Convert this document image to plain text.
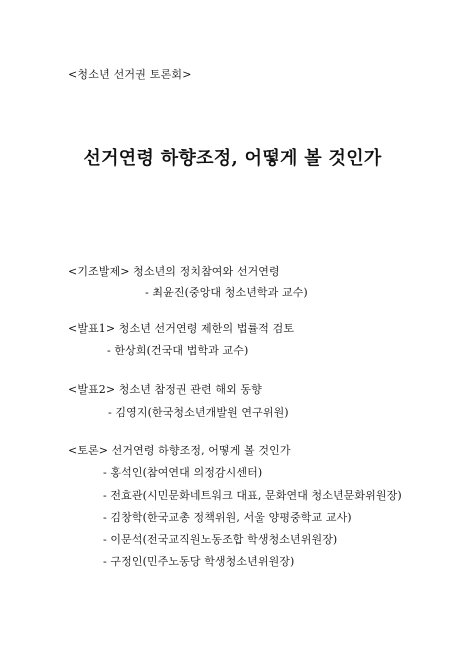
<청소년 선거권 토론회>
선거연령 하향조정, 어떻게 볼 것인가
<기조발제> 청소년의 정치참여와 선거연령
- 최윤진(중앙대 청소년학과 교수)
<발표1> 청소년 선거연령 제한의 법률적 검토
- 한상희(건국대 법학과 교수)
<발표2> 청소년 참정권 관련 해외 동향
- 김영지(한국청소년개발원 연구위원)
<토론> 선거연령 하향조정, 어떻게 볼 것인가
- 홍석인(참여연대 의정감시센터)
- 전효관(시민문화네트워크 대표, 문화연대 청소년문화위원장)
- 김창학(한국교총 정책위원, 서울 양평중학교 교사)
- 이문석(전국교직원노동조합 학생청소년위원장)
- 구정인(민주노동당 학생청소년위원장)
